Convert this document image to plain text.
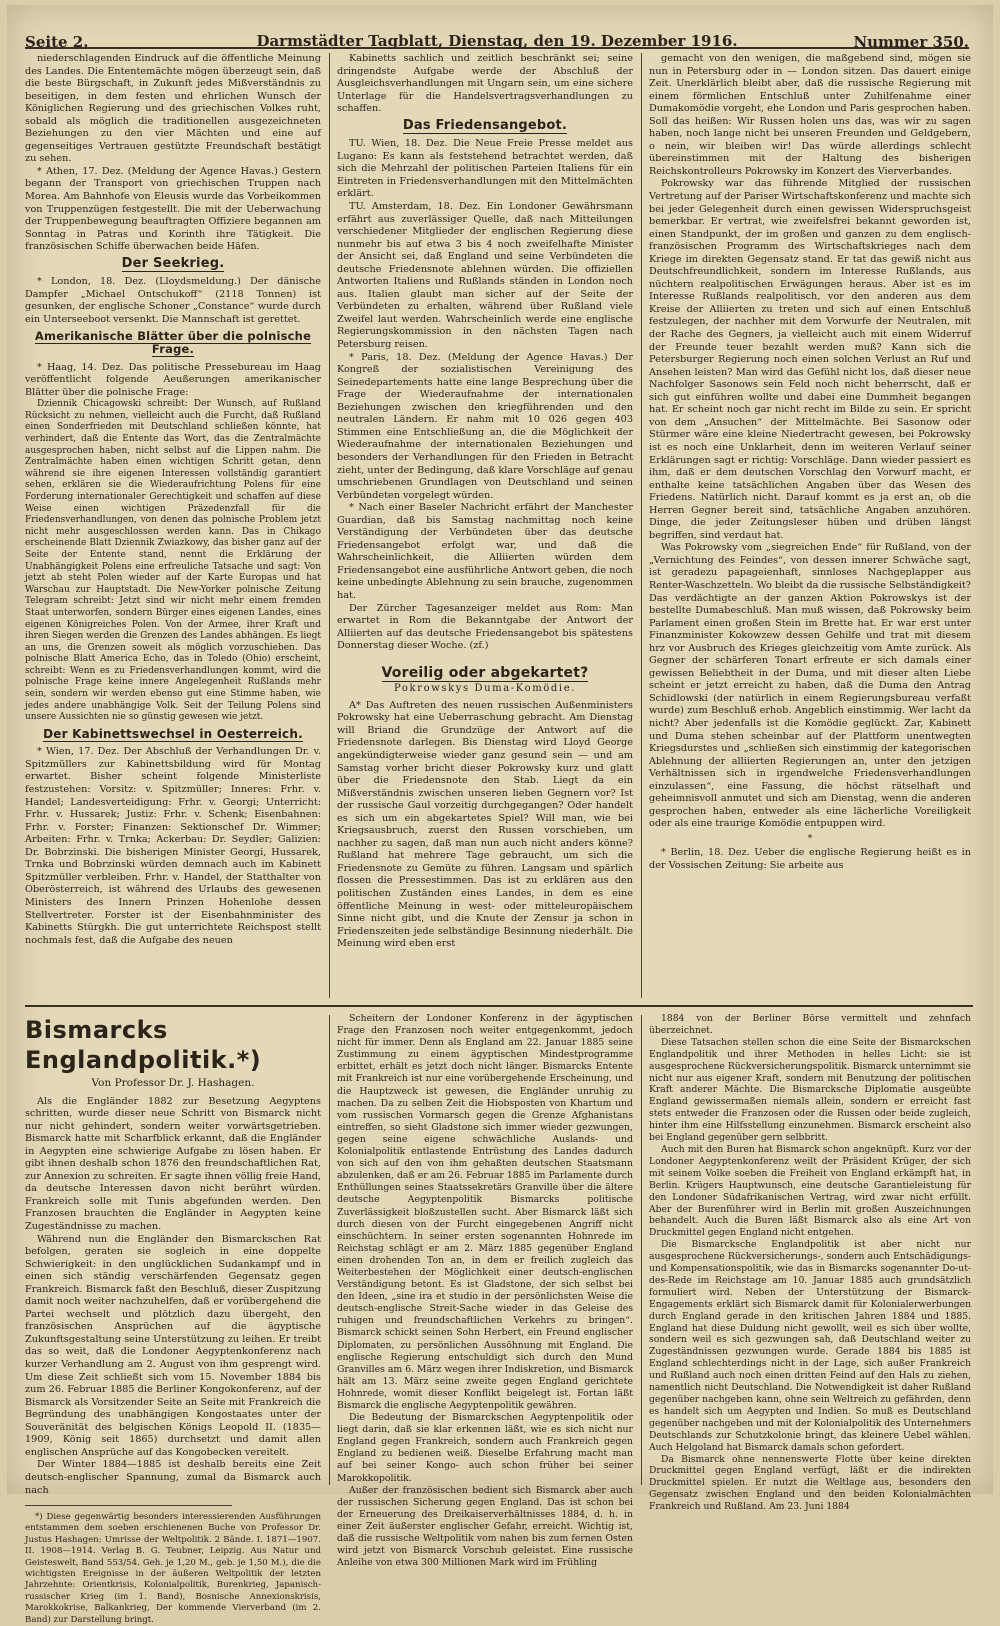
Seite 2.	Darmstädter Tagblatt, Dienstag, den 19. Dezember 1916.	Nummer 350.

niederschlagenden Eindruck auf die öffentliche Meinung des Landes. Die Ententemächte mögen überzeugt sein, daß die beste Bürgschaft, in Zukunft jedes Mißverständnis zu beseitigen, in dem festen und ehrlichen Wunsch der Königlichen Regierung und des griechischen Volkes ruht, sobald als möglich die traditionellen ausgezeichneten Beziehungen zu den vier Mächten und eine auf gegenseitiges Vertrauen gestützte Freundschaft bestätigt zu sehen.

* Athen, 17. Dez. (Meldung der Agence Havas.) Gestern begann der Transport von griechischen Truppen nach Morea. Am Bahnhofe von Eleusis wurde das Vorbeikommen von Truppenzügen festgestellt. Die mit der Ueberwachung der Truppenbewegung beauftragten Offiziere begannen am Sonntag in Patras und Korinth ihre Tätigkeit. Die französischen Schiffe überwachen beide Häfen.

Der Seekrieg.

* London, 18. Dez. (Lloydsmeldung.) Der dänische Dampfer „Michael Ontschukoff“ (2118 Tonnen) ist gesunken, der englische Schoner „Constance“ wurde durch ein Unterseeboot versenkt. Die Mannschaft ist gerettet.

Amerikanische Blätter über die polnische Frage.

* Haag, 14. Dez. Das politische Pressebureau im Haag veröffentlicht folgende Aeußerungen amerikanischer Blätter über die polnische Frage:

Dziennik Chicagowski schreibt: Der Wunsch, auf Rußland Rücksicht zu nehmen, vielleicht auch die Furcht, daß Rußland einen Sonderfrieden mit Deutschland schließen könnte, hat verhindert, daß die Entente das Wort, das die Zentralmächte ausgesprochen haben, nicht selbst auf die Lippen nahm. Die Zentralmächte haben einen wichtigen Schritt getan, denn während sie ihre eigenen Interessen vollständig garantiert sehen, erklären sie die Wiederaufrichtung Polens für eine Forderung internationaler Gerechtigkeit und schaffen auf diese Weise einen wichtigen Präzedenzfall für die Friedensverhandlungen, von denen das polnische Problem jetzt nicht mehr ausgeschlossen werden kann. Das in Chikago erscheinende Blatt Dziennik Zwiazkowy, das bisher ganz auf der Seite der Entente stand, nennt die Erklärung der Unabhängigkeit Polens eine erfreuliche Tatsache und sagt: Von jetzt ab steht Polen wieder auf der Karte Europas und hat Warschau zur Hauptstadt. Die New-Yorker polnische Zeitung Telegram schreibt: Jetzt sind wir nicht mehr einem fremden Staat unterworfen, sondern Bürger eines eigenen Landes, eines eigenen Königreiches Polen. Von der Armee, ihrer Kraft und ihren Siegen werden die Grenzen des Landes abhängen. Es liegt an uns, die Grenzen soweit als möglich vorzuschieben. Das polnische Blatt America Echo, das in Toledo (Ohio) erscheint, schreibt: Wenn es zu Friedensverhandlungen kommt, wird die polnische Frage keine innere Angelegenheit Rußlands mehr sein, sondern wir werden ebenso gut eine Stimme haben, wie jedes andere unabhängige Volk. Seit der Teilung Polens sind unsere Aussichten nie so günstig gewesen wie jetzt.

Der Kabinettswechsel in Oesterreich.

* Wien, 17. Dez. Der Abschluß der Verhandlungen Dr. v. Spitzmüllers zur Kabinettsbildung wird für Montag erwartet. Bisher scheint folgende Ministerliste festzustehen: Vorsitz: v. Spitzmüller; Inneres: Frhr. v. Handel; Landesverteidigung: Frhr. v. Georgi; Unterricht: Frhr. v. Hussarek; Justiz: Frhr. v. Schenk; Eisenbahnen: Frhr. v. Forster; Finanzen: Sektionschef Dr. Wimmer; Arbeiten: Frhr. v. Trnka; Ackerbau: Dr. Seydler; Galizien: Dr. Bobrzinski. Die bisherigen Minister Georgi, Hussarek, Trnka und Bobrzinski würden demnach auch im Kabinett Spitzmüller verbleiben. Frhr. v. Handel, der Statthalter von Oberösterreich, ist während des Urlaubs des gewesenen Ministers des Innern Prinzen Hohenlohe dessen Stellvertreter. Forster ist der Eisenbahnminister des Kabinetts Stürgkh. Die gut unterrichtete Reichspost stellt nochmals fest, daß die Aufgabe des neuen

Kabinetts sachlich und zeitlich beschränkt sei; seine dringendste Aufgabe werde der Abschluß der Ausgleichsverhandlungen mit Ungarn sein, um eine sichere Unterlage für die Handelsvertragsverhandlungen zu schaffen.

Das Friedensangebot.

TU. Wien, 18. Dez. Die Neue Freie Presse meldet aus Lugano: Es kann als feststehend betrachtet werden, daß sich die Mehrzahl der politischen Parteien Italiens für ein Eintreten in Friedensverhandlungen mit den Mittelmächten erklärt.

TU. Amsterdam, 18. Dez. Ein Londoner Gewährsmann erfährt aus zuverlässiger Quelle, daß nach Mitteilungen verschiedener Mitglieder der englischen Regierung diese nunmehr bis auf etwa 3 bis 4 noch zweifelhafte Minister der Ansicht sei, daß England und seine Verbündeten die deutsche Friedensnote ablehnen würden. Die offiziellen Antworten Italiens und Rußlands ständen in London noch aus. Italien glaubt man sicher auf der Seite der Verbündeten zu erhalten, während über Rußland viele Zweifel laut werden. Wahrscheinlich werde eine englische Regierungskommission in den nächsten Tagen nach Petersburg reisen.

* Paris, 18. Dez. (Meldung der Agence Havas.) Der Kongreß der sozialistischen Vereinigung des Seinedepartements hatte eine lange Besprechung über die Frage der Wiederaufnahme der internationalen Beziehungen zwischen den kriegführenden und den neutralen Ländern. Er nahm mit 10 026 gegen 403 Stimmen eine Entschließung an, die die Möglichkeit der Wiederaufnahme der internationalen Beziehungen und besonders der Verhandlungen für den Frieden in Betracht zieht, unter der Bedingung, daß klare Vorschläge auf genau umschriebenen Grundlagen von Deutschland und seinen Verbündeten vorgelegt würden.

* Nach einer Baseler Nachricht erfährt der Manchester Guardian, daß bis Samstag nachmittag noch keine Verständigung der Verbündeten über das deutsche Friedensangebot erfolgt war, und daß die Wahrscheinlichkeit, die Alliierten würden dem Friedensangebot eine ausführliche Antwort geben, die noch keine unbedingte Ablehnung zu sein brauche, zugenommen hat.

Der Zürcher Tagesanzeiger meldet aus Rom: Man erwartet in Rom die Bekanntgabe der Antwort der Alliierten auf das deutsche Friedensangebot bis spätestens Donnerstag dieser Woche. (zf.)

Voreilig oder abgekartet?
Pokrowskys Duma-Komödie.

A* Das Auftreten des neuen russischen Außenministers Pokrowsky hat eine Ueberraschung gebracht. Am Dienstag will Briand die Grundzüge der Antwort auf die Friedensnote darlegen. Bis Dienstag wird Lloyd George angekündigterweise wieder ganz gesund sein — und am Samstag vorher bricht dieser Pokrowsky kurz und glatt über die Friedensnote den Stab. Liegt da ein Mißverständnis zwischen unseren lieben Gegnern vor? Ist der russische Gaul vorzeitig durchgegangen? Oder handelt es sich um ein abgekartetes Spiel? Will man, wie bei Kriegsausbruch, zuerst den Russen vorschieben, um nachher zu sagen, daß man nun auch nicht anders könne? Rußland hat mehrere Tage gebraucht, um sich die Friedensnote zu Gemüte zu führen. Langsam und spärlich flossen die Pressestimmen. Das ist zu erklären aus den politischen Zuständen eines Landes, in dem es eine öffentliche Meinung in west- oder mitteleuropäischem Sinne nicht gibt, und die Knute der Zensur ja schon in Friedenszeiten jede selbständige Besinnung niederhält. Die Meinung wird eben erst

gemacht von den wenigen, die maßgebend sind, mögen sie nun in Petersburg oder in — London sitzen. Das dauert einige Zeit. Unerklärlich bleibt aber, daß die russische Regierung mit einem förmlichen Entschluß unter Zuhilfenahme einer Dumakomödie vorgeht, ehe London und Paris gesprochen haben. Soll das heißen: Wir Russen holen uns das, was wir zu sagen haben, noch lange nicht bei unseren Freunden und Geldgebern, o nein, wir bleiben wir! Das würde allerdings schlecht übereinstimmen mit der Haltung des bisherigen Reichskontrolleurs Pokrowsky im Konzert des Vierverbandes.

Pokrowsky war das führende Mitglied der russischen Vertretung auf der Pariser Wirtschaftskonferenz und machte sich bei jeder Gelegenheit durch einen gewissen Widerspruchsgeist bemerkbar. Er vertrat, wie zweifelsfrei bekannt geworden ist, einen Standpunkt, der im großen und ganzen zu dem englisch-französischen Programm des Wirtschaftskrieges nach dem Kriege im direkten Gegensatz stand. Er tat das gewiß nicht aus Deutschfreundlichkeit, sondern im Interesse Rußlands, aus nüchtern realpolitischen Erwägungen heraus. Aber ist es im Interesse Rußlands realpolitisch, vor den anderen aus dem Kreise der Alliierten zu treten und sich auf einen Entschluß festzulegen, der nachher mit dem Vorwurfe der Neutralen, mit der Rache des Gegners, ja vielleicht auch mit einem Widerruf der Freunde teuer bezahlt werden muß? Kann sich die Petersburger Regierung noch einen solchen Verlust an Ruf und Ansehen leisten? Man wird das Gefühl nicht los, daß dieser neue Nachfolger Sasonows sein Feld noch nicht beherrscht, daß er sich gut einführen wollte und dabei eine Dummheit begangen hat. Er scheint noch gar nicht recht im Bilde zu sein. Er spricht von dem „Ansuchen“ der Mittelmächte. Bei Sasonow oder Stürmer wäre eine kleine Niedertracht gewesen, bei Pokrowsky ist es noch eine Unklarheit, denn im weiteren Verlauf seiner Erklärungen sagt er richtig: Vorschläge. Dann wieder passiert es ihm, daß er dem deutschen Vorschlag den Vorwurf macht, er enthalte keine tatsächlichen Angaben über das Wesen des Friedens. Natürlich nicht. Darauf kommt es ja erst an, ob die Herren Gegner bereit sind, tatsächliche Angaben anzuhören. Dinge, die jeder Zeitungsleser hüben und drüben längst begriffen, sind verdaut hat.

Was Pokrowsky vom „siegreichen Ende“ für Rußland, von der „Vernichtung des Feindes“, von dessen innerer Schwäche sagt, ist geradezu papageienhaft, sinnloses Nachgeplapper aus Renter-Waschzetteln. Wo bleibt da die russische Selbständigkeit? Das verdächtigte an der ganzen Aktion Pokrowskys ist der bestellte Dumabeschluß. Man muß wissen, daß Pokrowsky beim Parlament einen großen Stein im Brette hat. Er war erst unter Finanzminister Kokowzew dessen Gehilfe und trat mit diesem hrz vor Ausbruch des Krieges gleichzeitig vom Amte zurück. Als Gegner der schärferen Tonart erfreute er sich damals einer gewissen Beliebtheit in der Duma, und mit dieser alten Liebe scheint er jetzt erreicht zu haben, daß die Duma den Antrag Schidlowski (der natürlich in einem Regierungsbureau verfaßt wurde) zum Beschluß erhob. Angeblich einstimmig. Wer lacht da nicht? Aber jedenfalls ist die Komödie geglückt. Zar, Kabinett und Duma stehen scheinbar auf der Plattform unentwegten Kriegsdurstes und „schließen sich einstimmig der kategorischen Ablehnung der alliierten Regierungen an, unter den jetzigen Verhältnissen sich in irgendwelche Friedensverhandlungen einzulassen“, eine Fassung, die höchst rätselhaft und geheimnisvoll anmutet und sich am Dienstag, wenn die anderen gesprochen haben, entweder als eine lächerliche Voreiligkeit oder als eine traurige Komödie entpuppen wird.

*

* Berlin, 18. Dez. Ueber die englische Regierung heißt es in der Vossischen Zeitung: Sie arbeite aus

Bismarcks Englandpolitik.*)
Von Professor Dr. J. Hashagen.

Als die Engländer 1882 zur Besetzung Aegyptens schritten, wurde dieser neue Schritt von Bismarck nicht nur nicht gehindert, sondern weiter vorwärtsgetrieben. Bismarck hatte mit Scharfblick erkannt, daß die Engländer in Aegypten eine schwierige Aufgabe zu lösen haben. Er gibt ihnen deshalb schon 1876 den freundschaftlichen Rat, zur Annexion zu schreiten. Er sagte ihnen völlig freie Hand, da deutsche Interessen davon nicht berührt würden. Frankreich solle mit Tunis abgefunden werden. Den Franzosen brauchten die Engländer in Aegypten keine Zugeständnisse zu machen.

Während nun die Engländer den Bismarckschen Rat befolgen, geraten sie sogleich in eine doppelte Schwierigkeit: in den unglücklichen Sudankampf und in einen sich ständig verschärfenden Gegensatz gegen Frankreich. Bismarck faßt den Beschluß, dieser Zuspitzung damit noch weiter nachzuhelfen, daß er vorübergehend die Partei wechselt und plötzlich dazu übergeht, den französischen Ansprüchen auf die ägyptische Zukunftsgestaltung seine Unterstützung zu leihen. Er treibt das so weit, daß die Londoner Aegyptenkonferenz nach kurzer Verhandlung am 2. August von ihm gesprengt wird. Um diese Zeit schließt sich vom 15. November 1884 bis zum 26. Februar 1885 die Berliner Kongokonferenz, auf der Bismarck als Vorsitzender Seite an Seite mit Frankreich die Begründung des unabhängigen Kongostaates unter der Souveränität des belgischen Königs Leopold II. (1835—1909, König seit 1865) durchsetzt und damit allen englischen Ansprüche auf das Kongobecken vereitelt.

Der Winter 1884—1885 ist deshalb bereits eine Zeit deutsch-englischer Spannung, zumal da Bismarck auch nach

*) Diese gegenwärtig besonders interessierenden Ausführungen entstammen dem soeben erschienenen Buche von Professor Dr. Justus Hashagen: Umrisse der Weltpolitik. 2 Bände. I. 1871—1907. II. 1908—1914. Verlag B. G. Teubner, Leipzig. Aus Natur und Geisteswelt, Band 553/54. Geh. je 1,20 M., geb. je 1,50 M.), die die wichtigsten Ereignisse in der äußeren Weltpolitik der letzten Jahrzehnte: Orientkrisis, Kolonialpolitik, Burenkrieg, Japanisch-russischer Krieg (im 1. Band), Bosnische Annexionskrisis, Marokkokrise, Balkankrieg, Der kommende Vierverband (im 2. Band) zur Darstellung bringt.

Scheitern der Londoner Konferenz in der ägyptischen Frage den Franzosen noch weiter entgegenkommt, jedoch nicht für immer. Denn als England am 22. Januar 1885 seine Zustimmung zu einem ägyptischen Mindestprogramme erbittet, erhält es jetzt doch nicht länger. Bismarcks Entente mit Frankreich ist nur eine vorübergehende Erscheinung, und die Hauptzweck ist gewesen, die Engländer unruhig zu machen. Da zu selben Zeit die Hiobsposten von Khartum und vom russischen Vormarsch gegen die Grenze Afghanistans eintreffen, so sieht Gladstone sich immer wieder gezwungen, gegen seine eigene schwächliche Auslands- und Kolonialpolitik entlastende Entrüstung des Landes dadurch von sich auf den von ihm gehaßten deutschen Staatsmann abzulenken, daß er am 26. Februar 1885 im Parlamente durch Enthüllungen seines Staatssekretärs Granville über die ältere deutsche Aegyptenpolitik Bismarcks politische Zuverlässigkeit bloßzustellen sucht. Aber Bismarck läßt sich durch diesen von der Furcht eingegebenen Angriff nicht einschüchtern. In seiner ersten sogenannten Hohnrede im Reichstag schlägt er am 2. März 1885 gegenüber England einen drohenden Ton an, in dem er freilich zugleich das Weiterbestehen der Möglichkeit einer deutsch-englischen Verständigung betont. Es ist Gladstone, der sich selbst bei den Ideen, „sine ira et studio in der persönlichsten Weise die deutsch-englische Streit-Sache wieder in das Geleise des ruhigen und freundschaftlichen Verkehrs zu bringen“. Bismarck schickt seinen Sohn Herbert, ein Freund englischer Diplomaten, zu persönlichen Aussöhnung mit England. Die englische Regierung entschuldigt sich durch den Mund Granvilles am 6. März wegen ihrer Indiskretion, und Bismarck hält am 13. März seine zweite gegen England gerichtete Hohnrede, womit dieser Konflikt beigelegt ist. Fortan läßt Bismarck die englische Aegyptenpolitik gewähren.

Die Bedeutung der Bismarckschen Aegyptenpolitik oder liegt darin, daß sie klar erkennen läßt, wie es sich nicht nur England gegen Frankreich, sondern auch Frankreich gegen England zu bedienen weiß. Dieselbe Erfahrung macht man auf bei seiner Kongo- auch schon früher bei seiner Marokkopolitik.

Außer der französischen bedient sich Bismarck aber auch der russischen Sicherung gegen England. Das ist schon bei der Erneuerung des Dreikaiserverhältnisses 1884, d. h. in einer Zeit äußerster englischer Gefahr, erreicht. Wichtig ist, daß die russische Weltpolitik vom nahen bis zum fernen Osten wird jetzt von Bismarck Vorschub geleistet. Eine russische Anleihe von etwa 300 Millionen Mark wird im Frühling

1884 von der Berliner Börse vermittelt und zehnfach überzeichnet.

Diese Tatsachen stellen schon die eine Seite der Bismarckschen Englandpolitik und ihrer Methoden in helles Licht: sie ist ausgesprochene Rückversicherungspolitik. Bismarck unternimmt sie nicht nur aus eigener Kraft, sondern mit Benutzung der politischen Kraft anderer Mächte. Die Bismarcksche Diplomatie ausgeübte England gewissermaßen niemals allein, sondern er erreicht fast stets entweder die Franzosen oder die Russen oder beide zugleich, hinter ihm eine Hilfsstellung einzunehmen. Bismarck erscheint also bei England gegenüber gern selbbritt.

Auch mit den Buren hat Bismarck schon angeknüpft. Kurz vor der Londoner Aegyptenkonferenz weilt der Präsident Krüger, der sich mit seinem Volke soeben die Freiheit von England erkämpft hat, in Berlin. Krügers Hauptwunsch, eine deutsche Garantieleistung für den Londoner Südafrikanischen Vertrag, wird zwar nicht erfüllt. Aber der Burenführer wird in Berlin mit großen Auszeichnungen behandelt. Auch die Buren läßt Bismarck also als eine Art von Druckmittel gegen England nicht entgehen.

Die Bismarcksche Englandpolitik ist aber nicht nur ausgesprochene Rückversicherungs-, sondern auch Entschädigungs- und Kompensationspolitik, wie das in Bismarcks sogenannter Do-ut-des-Rede im Reichstage am 10. Januar 1885 auch grundsätzlich formuliert wird. Neben der Unterstützung der Bismarck-Engagements erklärt sich Bismarck damit für Kolonialerwerbungen durch England gerade in den kritischen Jahren 1884 und 1885. England hat diese Duldung nicht gewollt, weil es sich über wollte, sondern weil es sich gezwungen sah, daß Deutschland weiter zu Zugeständnissen gezwungen wurde. Gerade 1884 bis 1885 ist England schlechterdings nicht in der Lage, sich außer Frankreich und Rußland auch noch einen dritten Feind auf den Hals zu ziehen, namentlich nicht Deutschland. Die Notwendigkeit ist daher Rußland gegenüber nachgeben kann, ohne sein Weltreich zu gefährden, denn es handelt sich um Aegypten und Indien. So muß es Deutschland gegenüber nachgeben und mit der Kolonialpolitik des Unternehmers Deutschlands zur Schutzkolonie bringt, das kleinere Uebel wählen. Auch Helgoland hat Bismarck damals schon gefordert.

Da Bismarck ohne nennenswerte Flotte über keine direkten Druckmittel gegen England verfügt, läßt er die indirekten Druckmittel spielen. Er nutzt die Weltlage aus, besonders den Gegensatz zwischen England und den beiden Kolonialmächten Frankreich und Rußland. Am 23. Juni 1884
